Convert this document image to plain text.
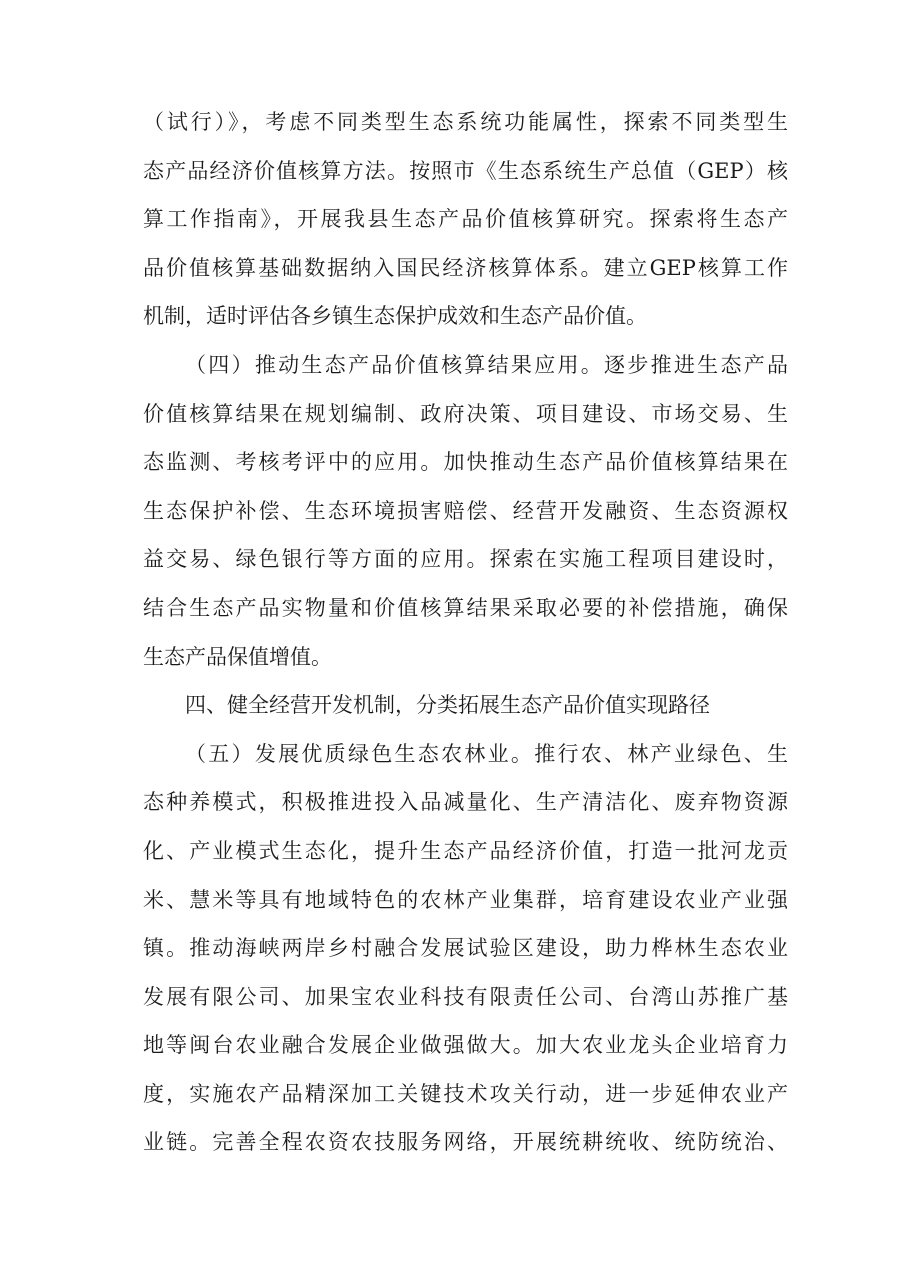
（试行）》，考虑不同类型生态系统功能属性，探索不同类型生
态产品经济价值核算方法。按照市《生态系统生产总值（GEP）核
算工作指南》，开展我县生态产品价值核算研究。探索将生态产
品价值核算基础数据纳入国民经济核算体系。建立GEP核算工作
机制，适时评估各乡镇生态保护成效和生态产品价值。
（四）推动生态产品价值核算结果应用。逐步推进生态产品
价值核算结果在规划编制、政府决策、项目建设、市场交易、生
态监测、考核考评中的应用。加快推动生态产品价值核算结果在
生态保护补偿、生态环境损害赔偿、经营开发融资、生态资源权
益交易、绿色银行等方面的应用。探索在实施工程项目建设时，
结合生态产品实物量和价值核算结果采取必要的补偿措施，确保
生态产品保值增值。
四、健全经营开发机制，分类拓展生态产品价值实现路径
（五）发展优质绿色生态农林业。推行农、林产业绿色、生
态种养模式，积极推进投入品减量化、生产清洁化、废弃物资源
化、产业模式生态化，提升生态产品经济价值，打造一批河龙贡
米、慧米等具有地域特色的农林产业集群，培育建设农业产业强
镇。推动海峡两岸乡村融合发展试验区建设，助力桦林生态农业
发展有限公司、加果宝农业科技有限责任公司、台湾山苏推广基
地等闽台农业融合发展企业做强做大。加大农业龙头企业培育力
度，实施农产品精深加工关键技术攻关行动，进一步延伸农业产
业链。完善全程农资农技服务网络，开展统耕统收、统防统治、
